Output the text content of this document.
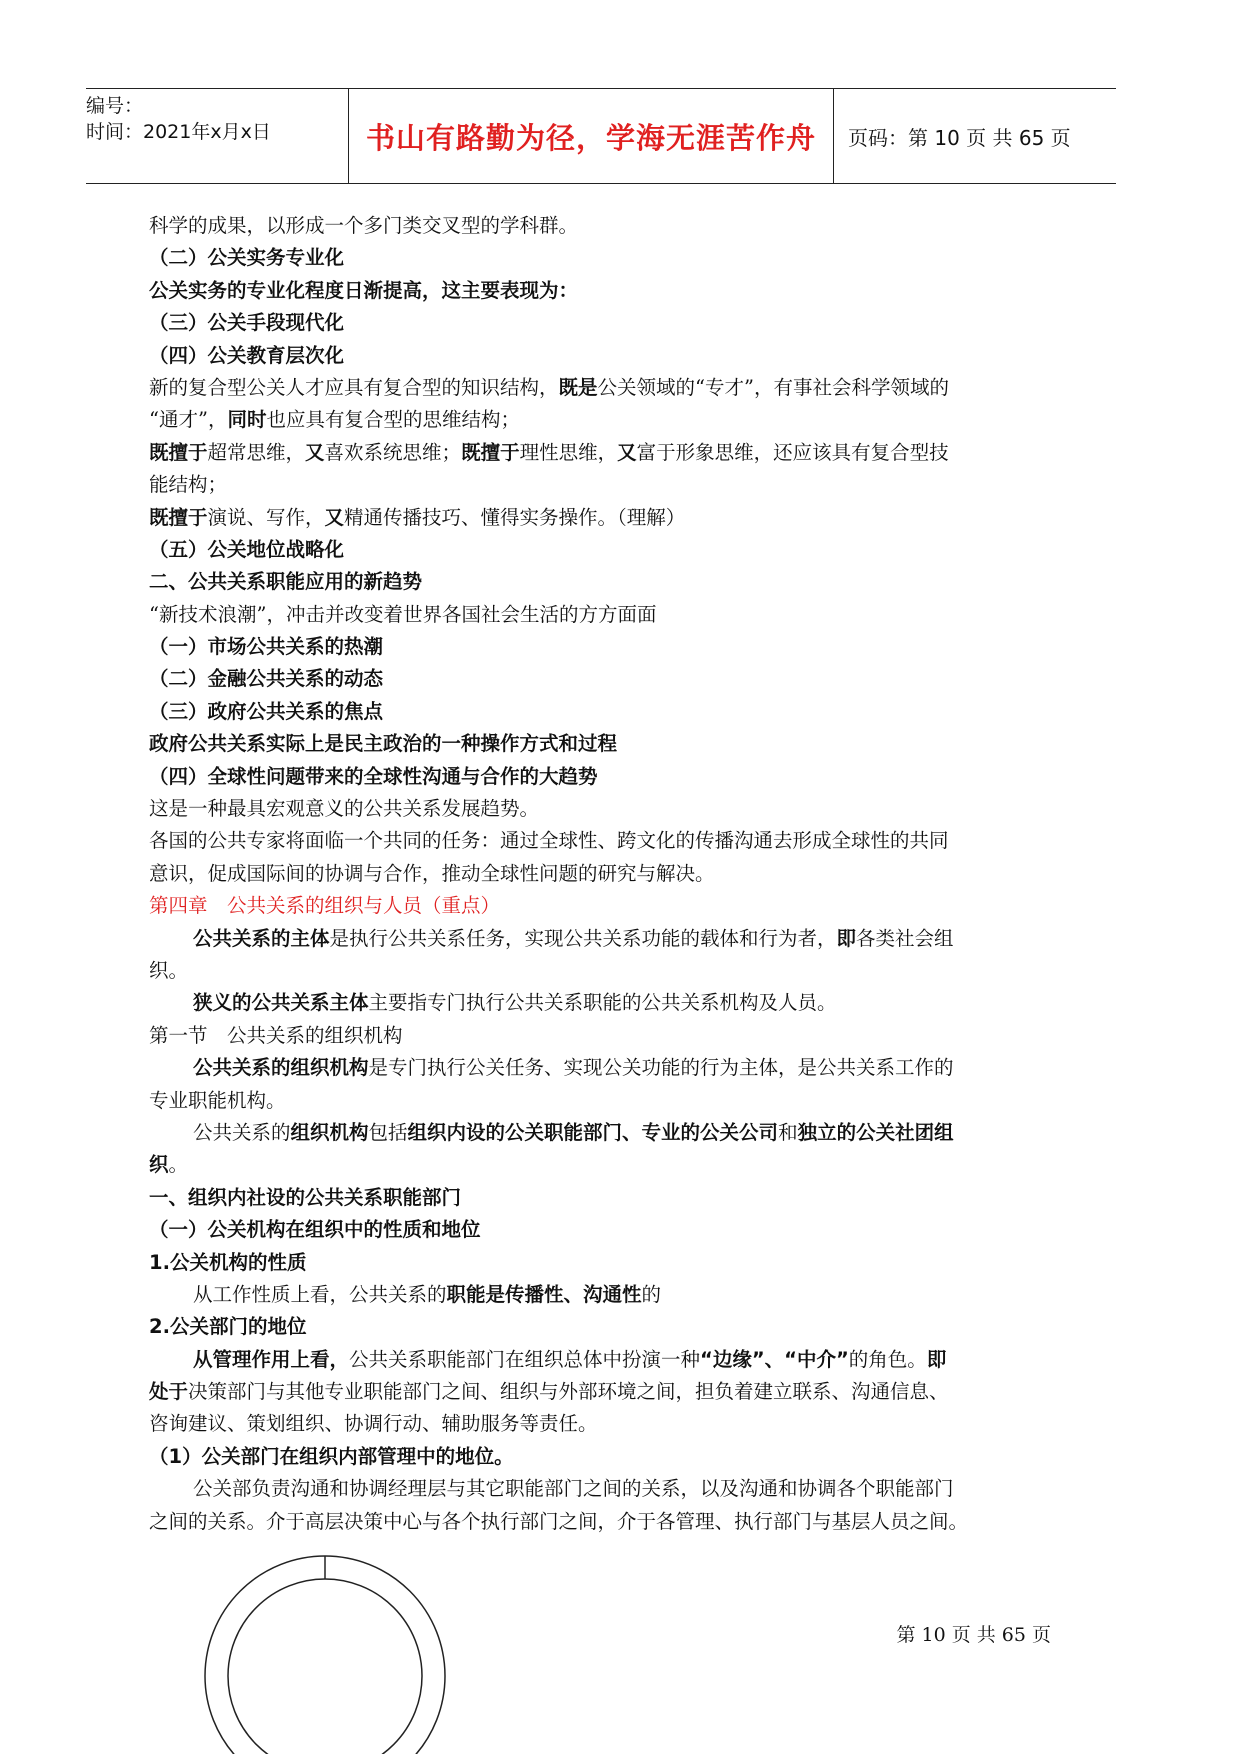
编号：
时间：2021年x月x日	书山有路勤为径，学海无涯苦作舟	页码：第 10 页 共 65 页
科学的成果，以形成一个多门类交叉型的学科群。
（二）公关实务专业化
公关实务的专业化程度日渐提高，这主要表现为：
（三）公关手段现代化
（四）公关教育层次化
新的复合型公关人才应具有复合型的知识结构，既是公关领域的“专才”，有事社会科学领域的
“通才”，同时也应具有复合型的思维结构；
既擅于超常思维，又喜欢系统思维；既擅于理性思维，又富于形象思维，还应该具有复合型技
能结构；
既擅于演说、写作，又精通传播技巧、懂得实务操作。（理解）
（五）公关地位战略化
二、公共关系职能应用的新趋势
“新技术浪潮”，冲击并改变着世界各国社会生活的方方面面
（一）市场公共关系的热潮
（二）金融公共关系的动态
（三）政府公共关系的焦点
政府公共关系实际上是民主政治的一种操作方式和过程
（四）全球性问题带来的全球性沟通与合作的大趋势
这是一种最具宏观意义的公共关系发展趋势。
各国的公共专家将面临一个共同的任务：通过全球性、跨文化的传播沟通去形成全球性的共同
意识，促成国际间的协调与合作，推动全球性问题的研究与解决。
第四章　公共关系的组织与人员（重点）
公共关系的主体是执行公共关系任务，实现公共关系功能的载体和行为者，即各类社会组
织。
狭义的公共关系主体主要指专门执行公共关系职能的公共关系机构及人员。
第一节　公共关系的组织机构
公共关系的组织机构是专门执行公关任务、实现公关功能的行为主体，是公共关系工作的
专业职能机构。
公共关系的组织机构包括组织内设的公关职能部门、专业的公关公司和独立的公关社团组
织。
一、组织内社设的公共关系职能部门
（一）公关机构在组织中的性质和地位
1.公关机构的性质
从工作性质上看，公共关系的职能是传播性、沟通性的
2.公关部门的地位
从管理作用上看，公共关系职能部门在组织总体中扮演一种“边缘”、“中介”的角色。即
处于决策部门与其他专业职能部门之间、组织与外部环境之间，担负着建立联系、沟通信息、
咨询建议、策划组织、协调行动、辅助服务等责任。
（1）公关部门在组织内部管理中的地位。
公关部负责沟通和协调经理层与其它职能部门之间的关系，以及沟通和协调各个职能部门
之间的关系。介于高层决策中心与各个执行部门之间，介于各管理、执行部门与基层人员之间。
第 10 页 共 65 页
